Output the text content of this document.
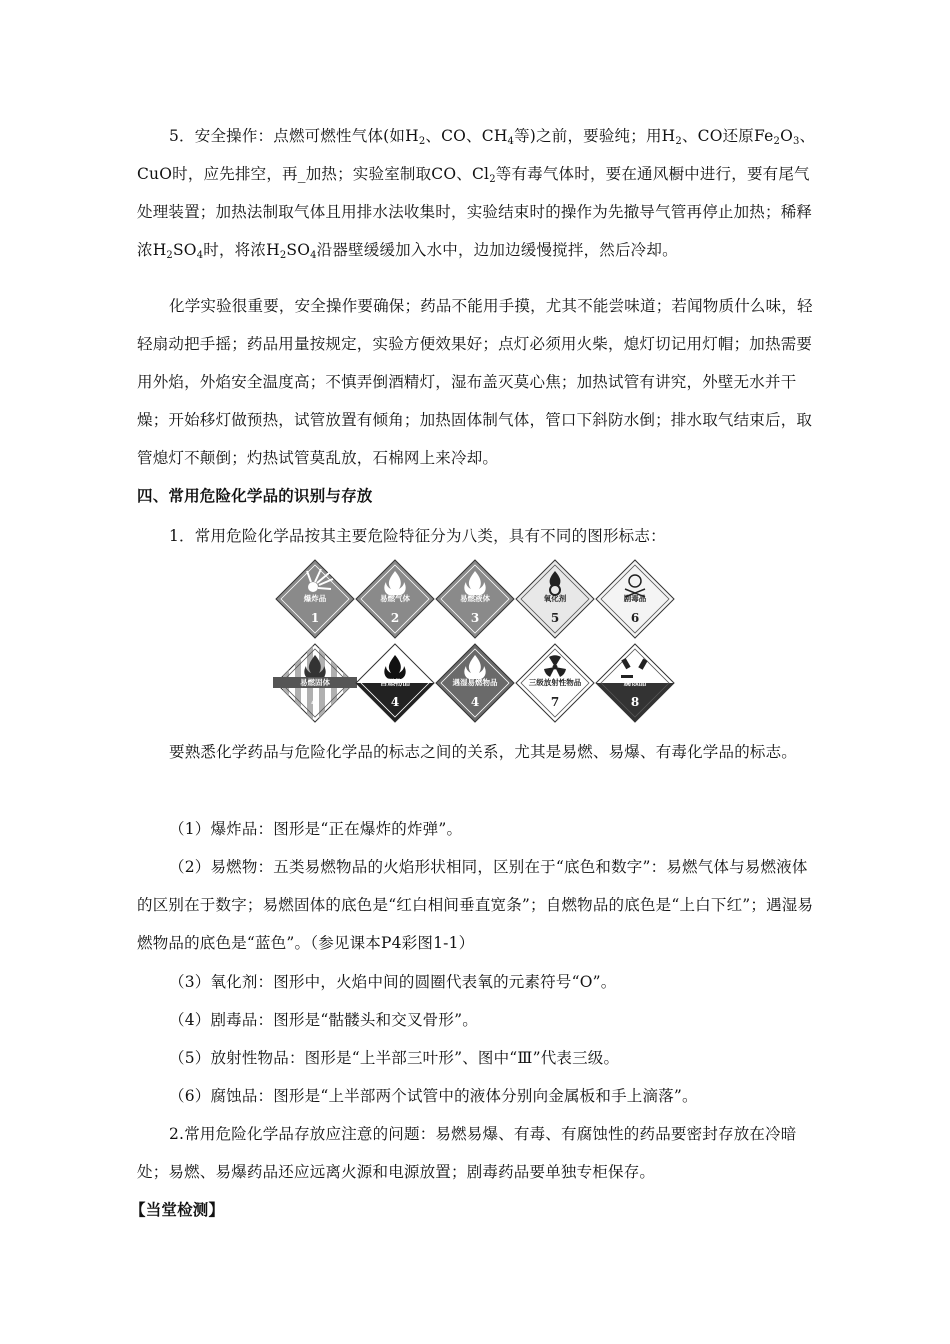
5．安全操作：点燃可燃性气体(如$H_2$、CO、$CH_4$等)之前，要验纯；用$H_2$、CO还原$Fe_2O_3$、CuO时，应先排空，再_加热；实验室制取CO、$Cl_2$等有毒气体时，要在通风橱中进行，要有尾气处理装置；加热法制取气体且用排水法收集时，实验结束时的操作为先撤导气管再停止加热；稀释浓$H_2SO_4$时，将浓$H_2SO_4$沿器壁缓缓加入水中，边加边缓慢搅拌，然后冷却。

化学实验很重要，安全操作要确保；药品不能用手摸，尤其不能尝味道；若闻物质什么味，轻轻扇动把手摇；药品用量按规定，实验方便效果好；点灯必须用火柴，熄灯切记用灯帽；加热需要用外焰，外焰安全温度高；不慎弄倒酒精灯，湿布盖灭莫心焦；加热试管有讲究，外壁无水并干燥；开始移灯做预热，试管放置有倾角；加热固体制气体，管口下斜防水倒；排水取气结束后，取管熄灯不颠倒；灼热试管莫乱放，石棉网上来冷却。

四、常用危险化学品的识别与存放

1．常用危险化学品按其主要危险特征分为八类，具有不同的图形标志：

爆炸品
1
易燃气体
2
易燃液体
3
氧化剂
5
剧毒品
6
易燃固体
4
自燃物品
4
遇湿易燃物品
4
三级放射性物品
7
腐蚀品
8

要熟悉化学药品与危险化学品的标志之间的关系，尤其是易燃、易爆、有毒化学品的标志。

（1）爆炸品：图形是“正在爆炸的炸弹”。

（2）易燃物：五类易燃物品的火焰形状相同，区别在于“底色和数字”：易燃气体与易燃液体的区别在于数字；易燃固体的底色是“红白相间垂直宽条”；自燃物品的底色是“上白下红”；遇湿易燃物品的底色是“蓝色”。（参见课本P4彩图1-1）

（3）氧化剂：图形中，火焰中间的圆圈代表氧的元素符号“O”。

（4）剧毒品：图形是“骷髅头和交叉骨形”。

（5）放射性物品：图形是“上半部三叶形”、图中“Ⅲ”代表三级。

（6）腐蚀品：图形是“上半部两个试管中的液体分别向金属板和手上滴落”。

2.常用危险化学品存放应注意的问题：易燃易爆、有毒、有腐蚀性的药品要密封存放在冷暗处；易燃、易爆药品还应远离火源和电源放置；剧毒药品要单独专柜保存。

【当堂检测】
